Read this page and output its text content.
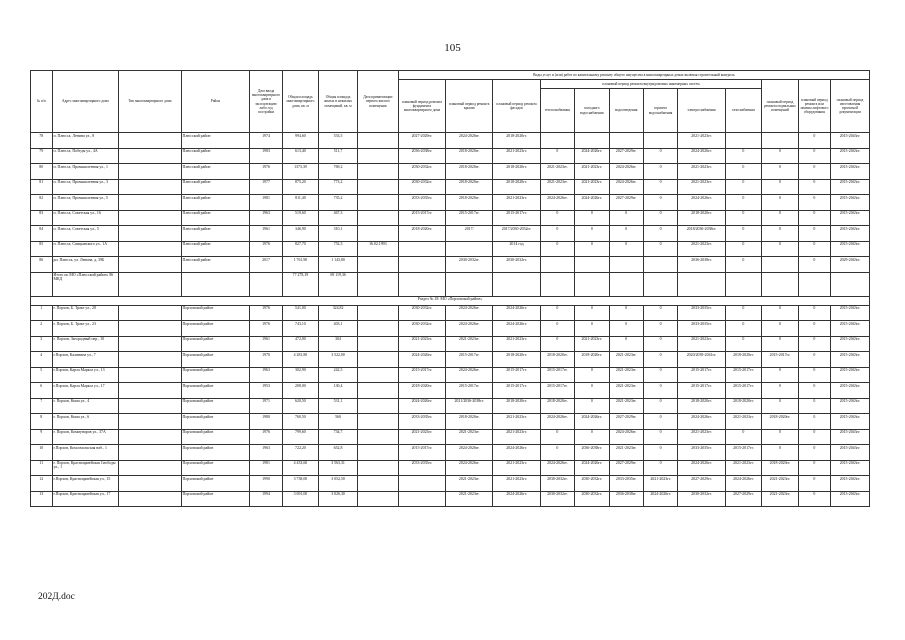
105
№ п/п	Адрес многоквартирного дома	Тип многоквартирного дома	Район	Дата ввода многоквартирного дома в эксплуатацию либо год постройки	Общая площадь многоквартирного дома, кв. м	Общая площадь жилых и нежилых помещений, кв. м	Дата приватизации первого жилого помещения	Виды услуг и (или) работ по капитальному ремонту общего имущества в многоквартирных домах включая строительный контроль											
								плановый период ремонта фундамента многоквартирного дома	плановый период ремонта крыши	плановый период ремонта фасадов	плановый период ремонта внутридомовых инженерных систем						плановый период ремонта подвальных помещений	плановый период ремонта или замены лифтового оборудования	плановый период изготовления проектной документации
											теплоснабжения	холодного водоснабжения	водоотведения	горячего водоснабжения	электроснабжения	газоснабжения			
78	п. Плюсса, Ленина ул., 8		Плюсский район	1974	994,60	533,5		2027-2029гг.	2024-2026гг.	2018-2020гг.					2021-2023гг.			0	2015-2043гг.
79	п. Плюсса, Победы ул., 4А		Плюсский район	1983	613,40	511,7		2036-2038гг.	2018-2020гг.	2021-2023гг.	0	2024-2026гг.	2027-2029гг.	0	2024-2026гг.	0	0	0	2015-2043гг.
80	п. Плюсса, Промышленная ул., 1		Плюсский район	1976	1373,39	769,2		2030-2032гг.	2018-2020гг.	2018-2020гг.	2021-2023гг.	2021-2023гг.	2024-2026гг.	0	2021-2023гг.	0	0	0	2015-2043гг.
81	п. Плюсса, Промышленная ул., 3		Плюсский район	1977	875,20	773,2		2030-2032гг.	2018-2020гг.	2018-2020гг.	2021-2023гг.	2021-2023гг.	2024-2026гг.	0	2021-2023гг.	0	0	0	2015-2043гг.
82	п. Плюсса, Промышленная ул., 5		Плюсский район	1981	811,40	735,2		2033-2035гг.	2018-2020гг.	2021-2023гг.	2024-2026гг.	2024-2026гг.	2027-2029гг.	0	2024-2026гг.	0	0	0	2015-2043гг.
83	п. Плюсса, Советская ул., 16		Плюсский район	1963	519,60	467,3		2015-2017гг.	2015-2017гг.	2015-2017гг.	0	0	0	0	2018-2020гг.	0	0	0	2015-2043гг.
84	п. Плюсса, Советская ул., 5		Плюсский район	1961	346,90	310,1		2018-2020гг.	2017/	2017/2030-2032гг.	0	0	0	0	2018/2036-2038гг.	0	0	0	2015-2043гг.
85	п. Плюсса, Спицынского ул., 1А		Плюсский район	1976	827,70	752,3	16.02.1993			2014 год	0	0	0	0	2021-2023гг.	0	0	0	2015-2043гг.
86	рп. Плюсса, ул. Ленина, д. 39Б		Плюсский район	2017	1 761,90	1 143,80			2030-2032гг.	2030-2032гг.					2036-2038гг.	0		0	2029-2043гг.
	Итого по МО «Плюсский район» 86 МКД				77 278,19	69 119,36													
Раздел № 18: МО «Порховский район»																			
1	г. Порхов, Б. Тракт ул., 28		Порховский район	1976	541,00	324,82		2030-2032гг.	2024-2026гг.	2024-2026гг.	0	0	0	0	2033-2035гг.	0	0	0	2015-2043гг.
2	г. Порхов, Б. Тракт ул., 23		Порховский район	1976	743,10	403,1		2030-2032гг.	2024-2026гг.	2024-2026гг.	0	0	0	0	2033-2035гг.	0	0	0	2015-2043гг.
3	г. Порхов, Загородный пер., 10		Порховский район	1961	472,00	304		2021-2023гг.	2021-2023гг.	2021-2023гг.	0	2021-2023гг.	0	0	2021-2023гг.	0	0	0	2015-2043гг.
4	г.Порхов, Калинина ул., 7		Порховский район	1970	4 281,80	3 522,00		2024-2026гг.	2015-2017гг.	2018-2020гг.	2018-2020гг.	2018-2020гг.	2021-2023гг.	0	2020/2039-2041гг.	2018-2020гг.	2015-2017гг.	0	2015-2043гг.
5	г.Порхов, Карла Маркса ул., 13		Порховский район	1963	302,90	242,5		2015-2017гг.	2024-2026гг.	2015-2017гг.	2015-2017гг.	0	2021-2023гг.	0	2015-2017гг.	2015-2017гг.	0	0	2015-2043гг.
6	г.Порхов, Карла Маркса ул., 17		Порховский район	1953	208,00	130,4		2018-2020гг.	2015-2017гг.	2015-2017гг.	2015-2017гг.	0	2021-2023гг.	0	2015-2017гг.	2015-2017гг.	0	0	2015-2043гг.
7	г. Порхов, Кима ул., 4		Порховский район	1971	620,50	531,1		2024-2026гг.	2021/2036-2038гг.	2018-2020гг.	2018-2020гг.	0	2021-2023гг.	0	2018-2020гг.	2018-2020гг.	0	0	2015-2043гг.
8	г. Порхов, Кима ул., 6		Порховский район	1980	760,50	560		2033-2035гг.	2018-2020гг.	2021-2023гг.	2024-2026гг.	2024-2026гг.	2027-2029гг.	0	2024-2026гг.	2021-2023гг.	2018-2020гг.	0	2015-2043гг.
9	г. Порхов, Коммунаров ул., 37А		Порховский район	1976	799,60	734,7		2021-2023гг.	2021-2023гг.	2021-2023гг.	0	0	2024-2026гг.	0	2021-2023гг.	0	0	0	2015-2043гг.
10	г.Порхов, Комсомольская наб., 1		Порховский район	1963	722,20	652,8		2015-2017гг.	2024-2026гг.	2024-2026гг.	0	2036-2038гг.	2021-2023гг.	0	2033-2035гг.	2015-2017гг.	0	0	2015-2043гг.
11	г. Порхов, Красноармейская Свободы ул., 1		Порховский район	1981	4 433,60	3 563,31		2033-2035гг.	2024-2026гг.	2021-2023гг.	2024-2026гг.	2024-2026гг.	2027-2029гг.	0	2024-2026гг.	2021-2023гг.	2018-2020гг.	0	2015-2043гг.
12	г.Порхов, Красноармейская ул., 15		Порховский район	1990	3 738,00	3 052,50			2021-2023гг.	2021-2023гг.	2030-2032гг.	2030-2032гг.	2033-2035гг.	2021-2023гг.	2027-2029гг.	2024-2026гг.	2021-2023гг.	0	2015-2043гг.
13	г.Порхов, Красноармейская ул., 17		Порховский район	1994	3 691,00	3 026,30			2021-2023гг.	2024-2026гг.	2030-2032гг.	2030-2032гг.	2036-2038гг.	2024-2026гг.	2030-2032гг.	2027-2029гг.	2021-2023гг.	0	2013-2043гг.
202Д.doc
